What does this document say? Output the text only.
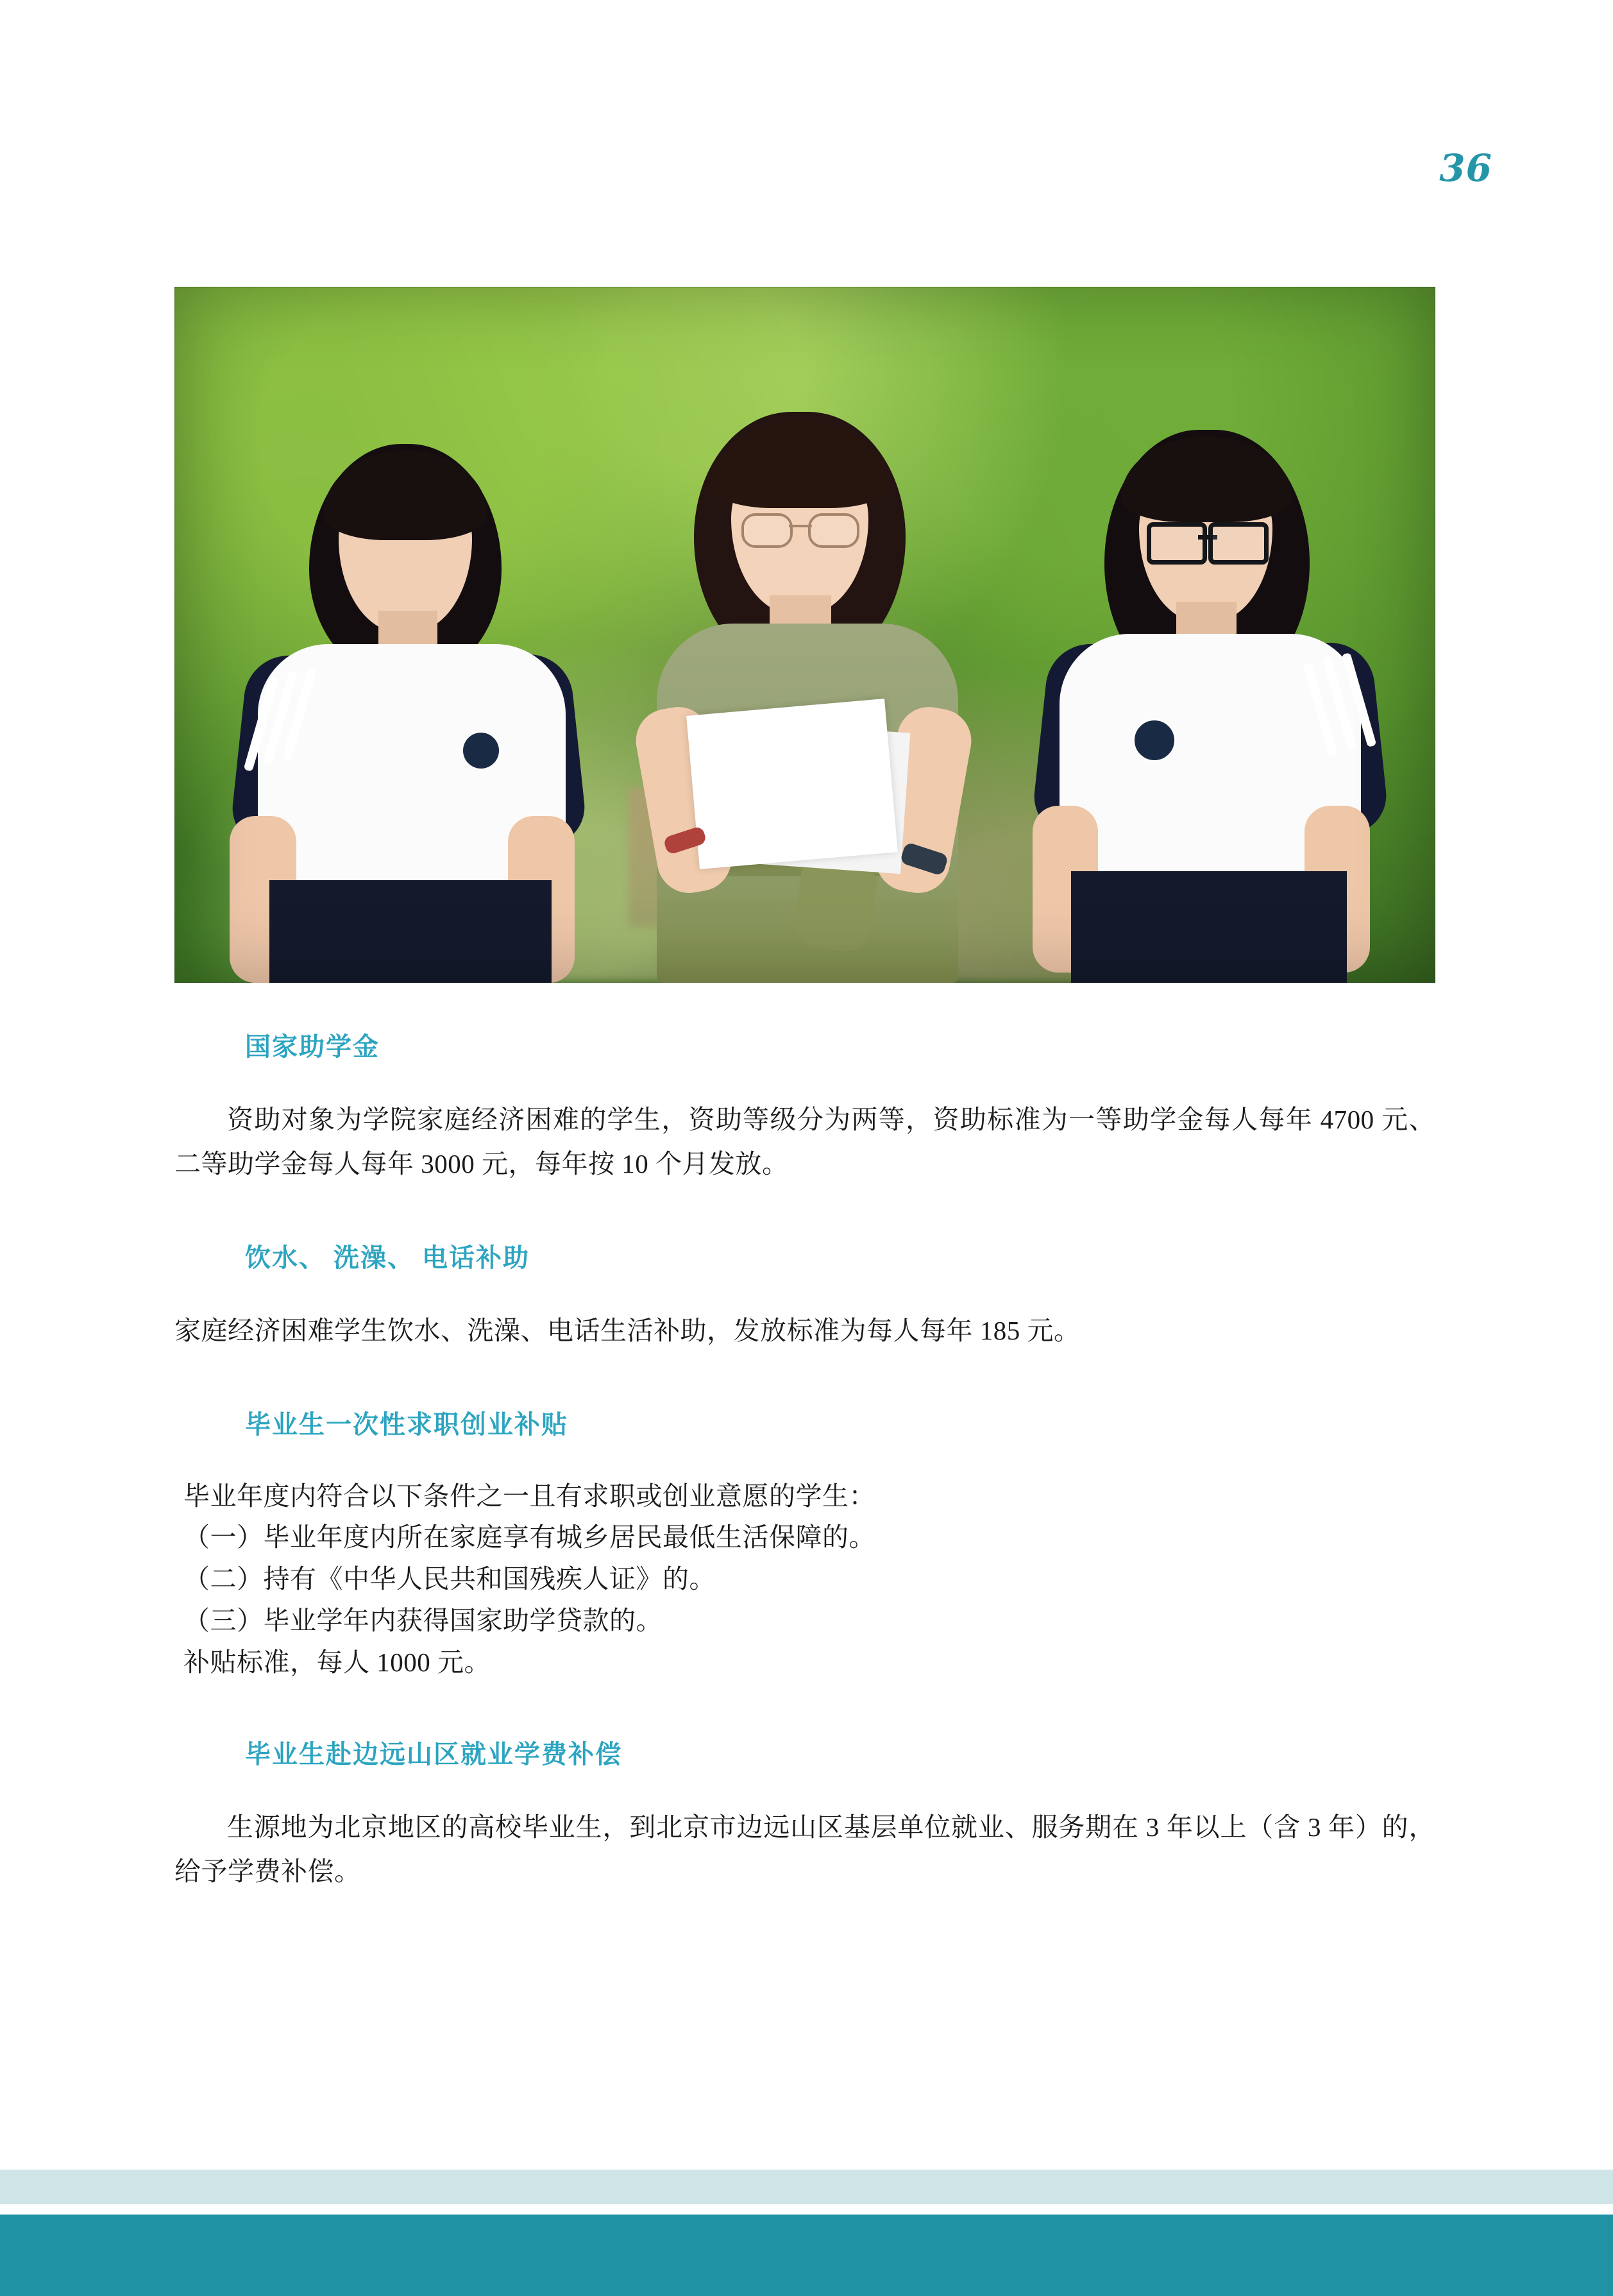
36
国家助学金

资助对象为学院家庭经济困难的学生，资助等级分为两等，资助标准为一等助学金每人每年 4700 元、二等助学金每人每年 3000 元，每年按 10 个月发放。

饮水、 洗澡、 电话补助

家庭经济困难学生饮水、洗澡、电话生活补助，发放标准为每人每年 185 元。

毕业生一次性求职创业补贴

毕业年度内符合以下条件之一且有求职或创业意愿的学生：

（一）毕业年度内所在家庭享有城乡居民最低生活保障的。

（二）持有《中华人民共和国残疾人证》的。

（三）毕业学年内获得国家助学贷款的。

补贴标准，每人 1000 元。

毕业生赴边远山区就业学费补偿

生源地为北京地区的高校毕业生，到北京市边远山区基层单位就业、服务期在 3 年以上（含 3 年）的，给予学费补偿。
